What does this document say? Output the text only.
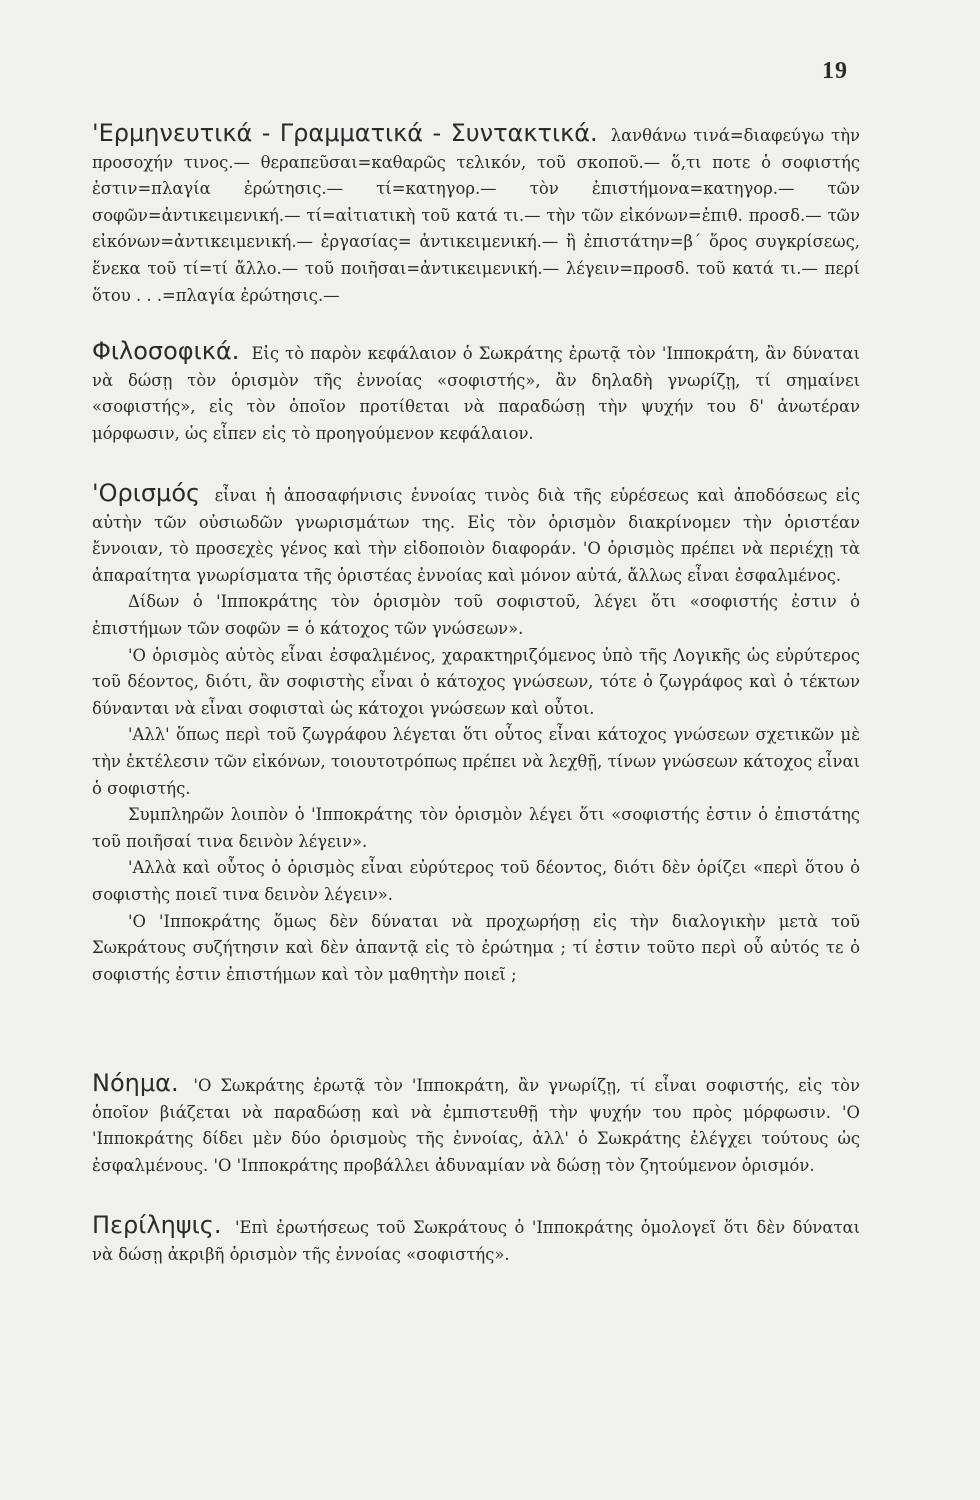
19

'Ερμηνευτικά - Γραμματικά - Συντακτικά. λανθάνω τινά=διαφεύγω τὴν προσοχήν τινος.— θεραπεῦσαι=καθαρῶς τελικόν, τοῦ σκοποῦ.— ὅ,τι ποτε ὁ σοφιστής ἐστιν=πλαγία ἐρώτησις.— τί=κατηγορ.— τὸν ἐπιστήμονα=κατηγορ.— τῶν σοφῶν=ἀντικειμενική.— τί=αἰτιατικὴ τοῦ κατά τι.— τὴν τῶν εἰκόνων=ἐπιθ. προσδ.— τῶν εἰκόνων=ἀντικειμενική.— ἐργασίας= ἀντικειμενική.— ἢ ἐπιστάτην=β΄ ὅρος συγκρίσεως, ἕνεκα τοῦ τί=τί ἄλλο.— τοῦ ποιῆσαι=ἀντικειμενική.— λέγειν=προσδ. τοῦ κατά τι.— περί ὅτου . . .=πλαγία ἐρώτησις.—

Φιλοσοφικά. Εἰς τὸ παρὸν κεφάλαιον ὁ Σωκράτης ἐρωτᾷ τὸν 'Ιπποκράτη, ἂν δύναται νὰ δώσῃ τὸν ὁρισμὸν τῆς ἐννοίας «σοφιστής», ἂν δηλαδὴ γνωρίζῃ, τί σημαίνει «σοφιστής», εἰς τὸν ὁποῖον προτίθεται νὰ παραδώσῃ τὴν ψυχήν του δ' ἀνωτέραν μόρφωσιν, ὡς εἶπεν εἰς τὸ προηγούμενον κεφάλαιον.

'Ορισμός εἶναι ἡ ἀποσαφήνισις ἐννοίας τινὸς διὰ τῆς εὑρέσεως καὶ ἀποδόσεως εἰς αὐτὴν τῶν οὐσιωδῶν γνωρισμάτων της. Εἰς τὸν ὁρισμὸν διακρίνομεν τὴν ὁριστέαν ἔννοιαν, τὸ προσεχὲς γένος καὶ τὴν εἰδοποιὸν διαφοράν. 'Ο ὁρισμὸς πρέπει νὰ περιέχῃ τὰ ἀπαραίτητα γνωρίσματα τῆς ὁριστέας ἐννοίας καὶ μόνον αὐτά, ἄλλως εἶναι ἐσφαλμένος.

Δίδων ὁ 'Ιπποκράτης τὸν ὁρισμὸν τοῦ σοφιστοῦ, λέγει ὅτι «σοφιστής ἐστιν ὁ ἐπιστήμων τῶν σοφῶν = ὁ κάτοχος τῶν γνώσεων».

'Ο ὁρισμὸς αὐτὸς εἶναι ἐσφαλμένος, χαρακτηριζόμενος ὑπὸ τῆς Λογικῆς ὡς εὐρύτερος τοῦ δέοντος, διότι, ἂν σοφιστὴς εἶναι ὁ κάτοχος γνώσεων, τότε ὁ ζωγράφος καὶ ὁ τέκτων δύνανται νὰ εἶναι σοφισταὶ ὡς κάτοχοι γνώσεων καὶ οὗτοι.

'Αλλ' ὅπως περὶ τοῦ ζωγράφου λέγεται ὅτι οὗτος εἶναι κάτοχος γνώσεων σχετικῶν μὲ τὴν ἐκτέλεσιν τῶν εἰκόνων, τοιουτοτρόπως πρέπει νὰ λεχθῇ, τίνων γνώσεων κάτοχος εἶναι ὁ σοφιστής.

Συμπληρῶν λοιπὸν ὁ 'Ιπποκράτης τὸν ὁρισμὸν λέγει ὅτι «σοφιστής ἐστιν ὁ ἐπιστάτης τοῦ ποιῆσαί τινα δεινὸν λέγειν».

'Αλλὰ καὶ οὗτος ὁ ὁρισμὸς εἶναι εὐρύτερος τοῦ δέοντος, διότι δὲν ὁρίζει «περὶ ὅτου ὁ σοφιστὴς ποιεῖ τινα δεινὸν λέγειν».

'Ο 'Ιπποκράτης ὅμως δὲν δύναται νὰ προχωρήσῃ εἰς τὴν διαλογικὴν μετὰ τοῦ Σωκράτους συζήτησιν καὶ δὲν ἀπαντᾷ εἰς τὸ ἐρώτημα ; τί ἐστιν τοῦτο περὶ οὗ αὐτός τε ὁ σοφιστής ἐστιν ἐπιστήμων καὶ τὸν μαθητὴν ποιεῖ ;

Νόημα. 'Ο Σωκράτης ἐρωτᾷ τὸν 'Ιπποκράτη, ἂν γνωρίζῃ, τί εἶναι σοφιστής, εἰς τὸν ὁποῖον βιάζεται νὰ παραδώσῃ καὶ νὰ ἐμπιστευθῇ τὴν ψυχήν του πρὸς μόρφωσιν. 'Ο 'Ιπποκράτης δίδει μὲν δύο ὁρισμοὺς τῆς ἐννοίας, ἀλλ' ὁ Σωκράτης ἐλέγχει τούτους ὡς ἐσφαλμένους. 'Ο 'Ιπποκράτης προβάλλει ἀδυναμίαν νὰ δώσῃ τὸν ζητούμενον ὁρισμόν.

Περίληψις. 'Επὶ ἐρωτήσεως τοῦ Σωκράτους ὁ 'Ιπποκράτης ὁμολογεῖ ὅτι δὲν δύναται νὰ δώσῃ ἀκριβῆ ὁρισμὸν τῆς ἐννοίας «σοφιστής».
